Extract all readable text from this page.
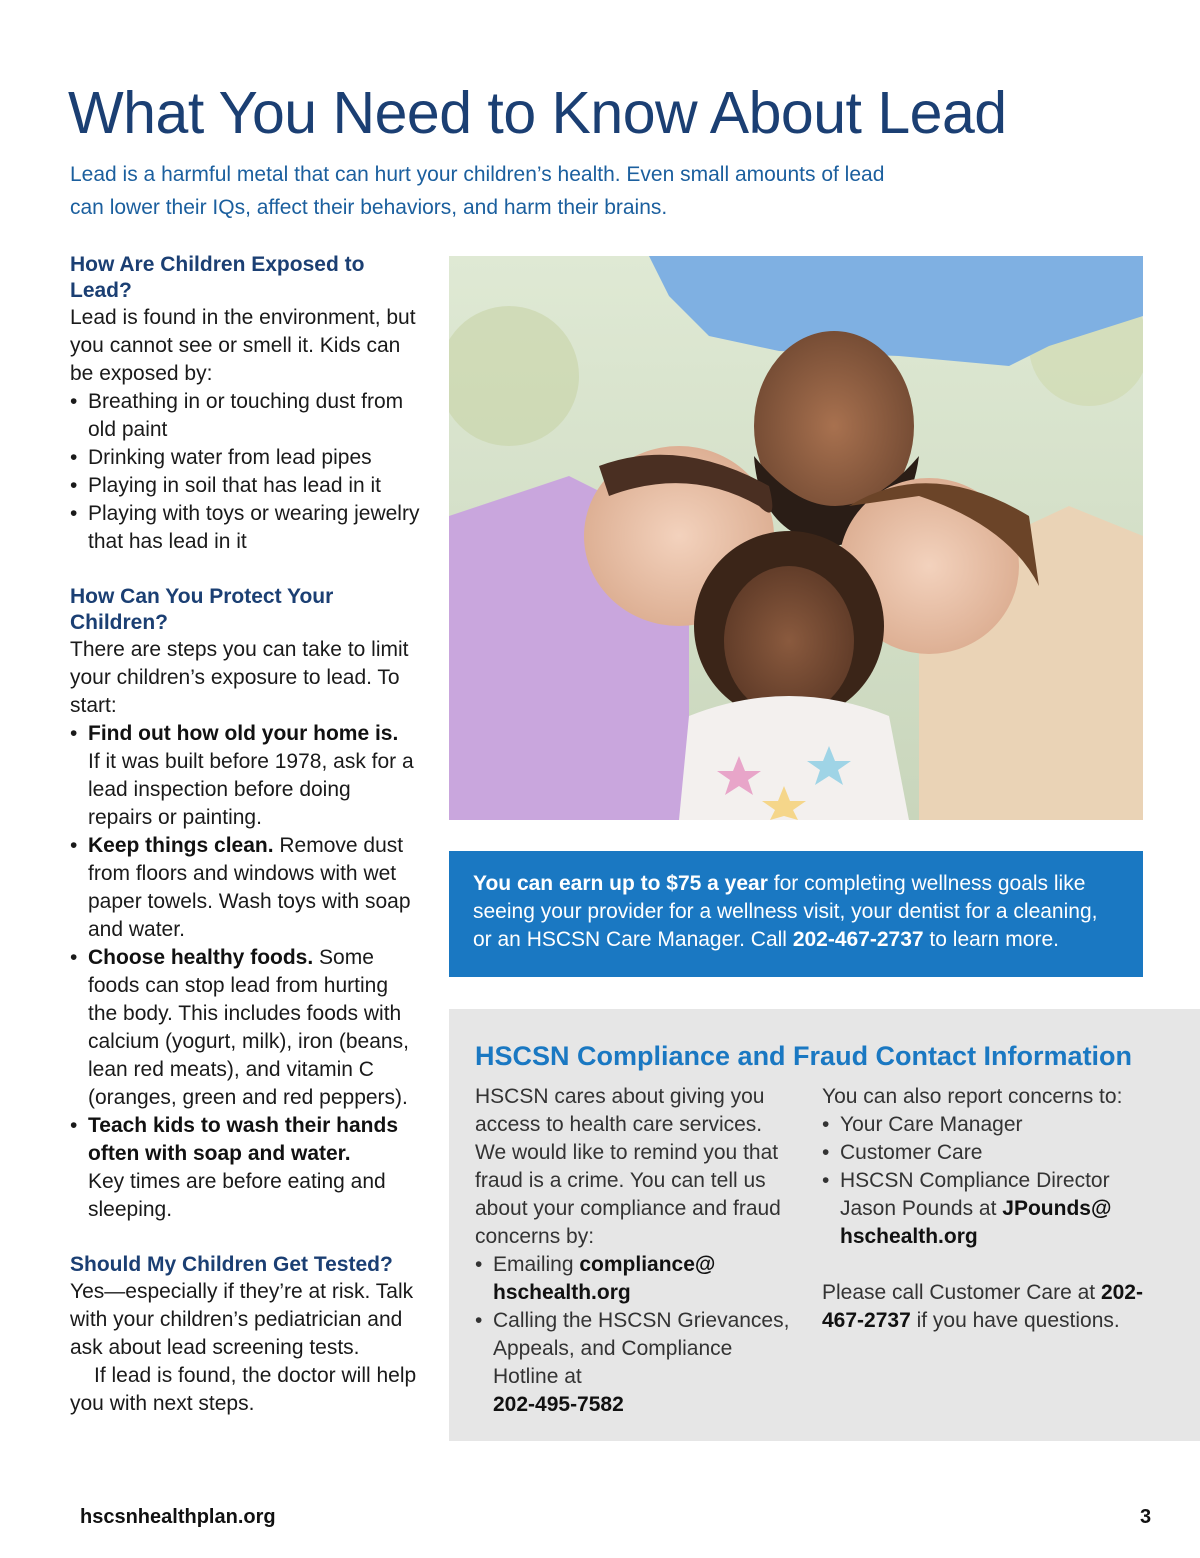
What You Need to Know About Lead

Lead is a harmful metal that can hurt your children’s health. Even small amounts of lead can lower their IQs, affect their behaviors, and harm their brains.

How Are Children Exposed to Lead?

Lead is found in the environment, but you cannot see or smell it. Kids can be exposed by:

• Breathing in or touching dust from old paint
• Drinking water from lead pipes
• Playing in soil that has lead in it
• Playing with toys or wearing jewelry that has lead in it
How Can You Protect Your Children?

There are steps you can take to limit your children’s exposure to lead. To start:

• Find out how old your home is.
If it was built before 1978, ask for a lead inspection before doing repairs or painting.
• Keep things clean. Remove dust from floors and windows with wet paper towels. Wash toys with soap and water.
• Choose healthy foods. Some foods can stop lead from hurting the body. This includes foods with calcium (yogurt, milk), iron (beans, lean red meats), and vitamin C (oranges, green and red peppers).
• Teach kids to wash their hands often with soap and water.
Key times are before eating and sleeping.
Should My Children Get Tested?

Yes—especially if they’re at risk. Talk with your children’s pediatrician and ask about lead screening tests.

If lead is found, the doctor will help you with next steps.

You can earn up to $75 a year for completing wellness goals like seeing your provider for a wellness visit, your dentist for a cleaning, or an HSCSN Care Manager. Call 202-467-2737 to learn more.

HSCSN Compliance and Fraud Contact Information

HSCSN cares about giving you access to health care services. We would like to remind you that fraud is a crime. You can tell us about your compliance and fraud concerns by:

• Emailing compliance@ hschealth.org
• Calling the HSCSN Grievances, Appeals, and Compliance Hotline at
202-495-7582

You can also report concerns to:

• Your Care Manager
• Customer Care
• HSCSN Compliance Director Jason Pounds at JPounds@ hschealth.org

Please call Customer Care at 202-467-2737 if you have questions.

hscsnhealthplan.org	3
